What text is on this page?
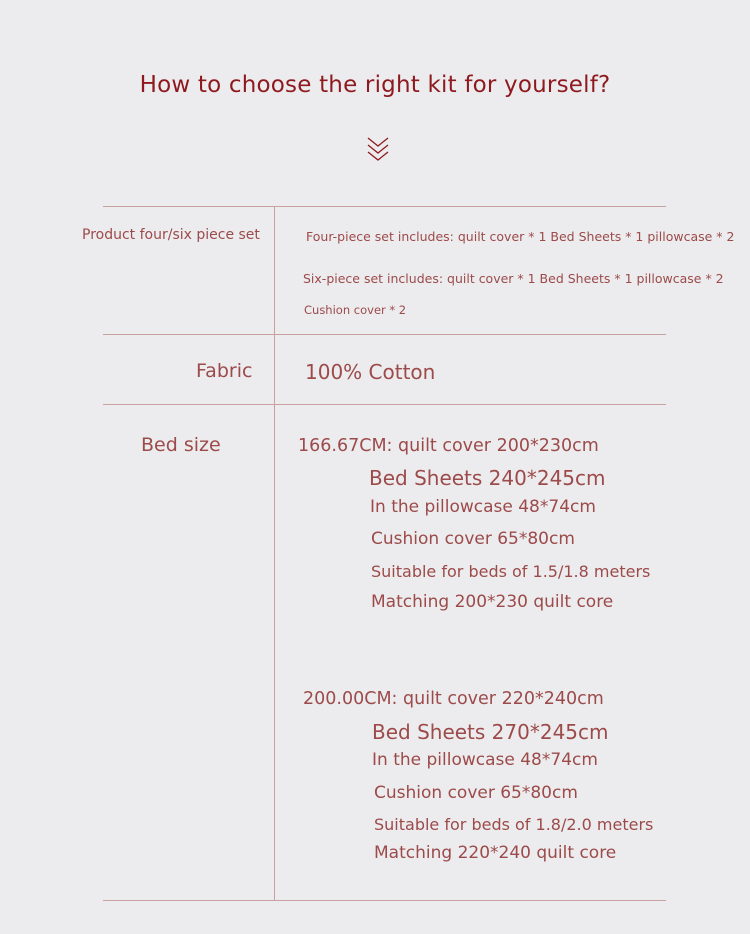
How to choose the right kit for yourself?
Product four/six piece set	Four-piece set includes: quilt cover * 1 Bed Sheets * 1 pillowcase * 2
Six-piece set includes: quilt cover * 1 Bed Sheets * 1 pillowcase * 2
Cushion cover * 2
Fabric	100% Cotton
Bed size	166.67CM: quilt cover 200*230cm
Bed Sheets 240*245cm
In the pillowcase 48*74cm
Cushion cover 65*80cm
Suitable for beds of 1.5/1.8 meters
Matching 200*230 quilt core
200.00CM: quilt cover 220*240cm
Bed Sheets 270*245cm
In the pillowcase 48*74cm
Cushion cover 65*80cm
Suitable for beds of 1.8/2.0 meters
Matching 220*240 quilt core
